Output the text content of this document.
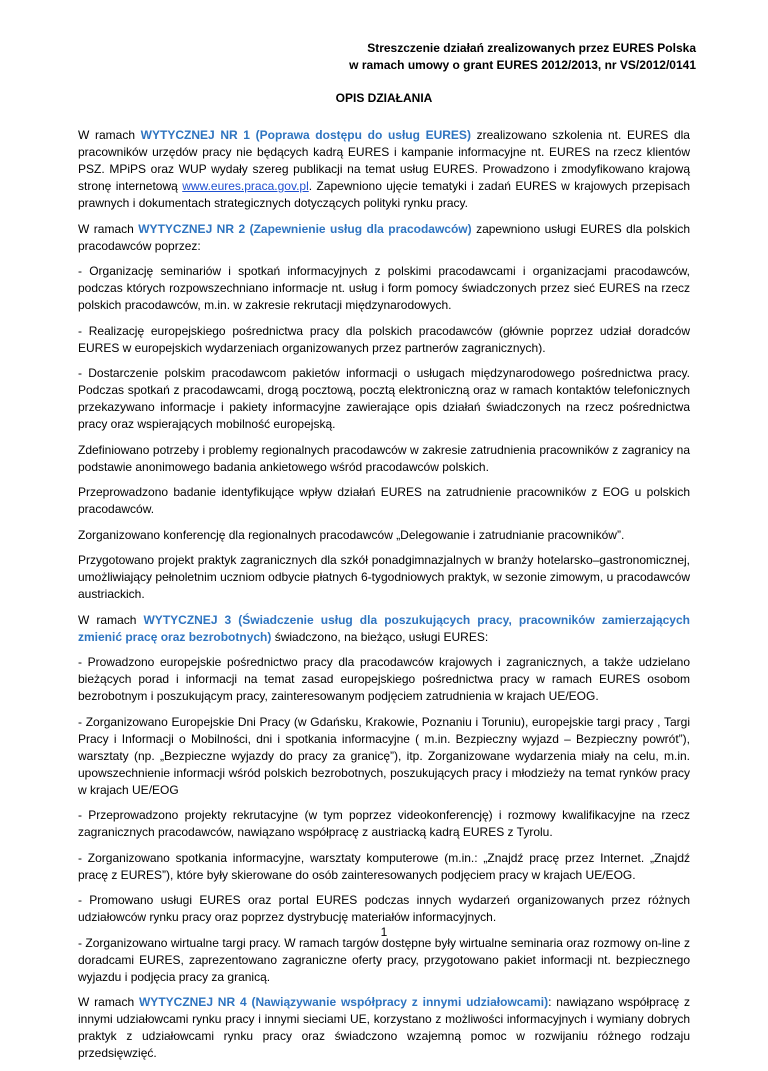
Streszczenie działań zrealizowanych przez EURES Polska
w ramach umowy o grant EURES 2012/2013, nr VS/2012/0141
OPIS DZIAŁANIA

W ramach WYTYCZNEJ NR 1 (Poprawa dostępu do usług EURES) zrealizowano szkolenia nt. EURES dla pracowników urzędów pracy nie będących kadrą EURES i kampanie informacyjne nt. EURES na rzecz klientów PSZ. MPiPS oraz WUP wydały szereg publikacji na temat usług EURES. Prowadzono i zmodyfikowano krajową stronę internetową www.eures.praca.gov.pl. Zapewniono ujęcie tematyki i zadań EURES w krajowych przepisach prawnych i dokumentach strategicznych dotyczących polityki rynku pracy.

W ramach WYTYCZNEJ NR 2 (Zapewnienie usług dla pracodawców) zapewniono usługi EURES dla polskich pracodawców poprzez:

- Organizację seminariów i spotkań informacyjnych z polskimi pracodawcami i organizacjami pracodawców, podczas których rozpowszechniano informacje nt. usług i form pomocy świadczonych przez sieć EURES na rzecz polskich pracodawców, m.in. w zakresie rekrutacji międzynarodowych.

- Realizację europejskiego pośrednictwa pracy dla polskich pracodawców (głównie poprzez udział doradców EURES w europejskich wydarzeniach organizowanych przez partnerów zagranicznych).

- Dostarczenie polskim pracodawcom pakietów informacji o usługach międzynarodowego pośrednictwa pracy. Podczas spotkań z pracodawcami, drogą pocztową, pocztą elektroniczną oraz w ramach kontaktów telefonicznych przekazywano informacje i pakiety informacyjne zawierające opis działań świadczonych na rzecz pośrednictwa pracy oraz wspierających mobilność europejską.

Zdefiniowano potrzeby i problemy regionalnych pracodawców w zakresie zatrudnienia pracowników z zagranicy na podstawie anonimowego badania ankietowego wśród pracodawców polskich.

Przeprowadzono badanie identyfikujące wpływ działań EURES na zatrudnienie pracowników z EOG u polskich pracodawców.

Zorganizowano konferencję dla regionalnych pracodawców „Delegowanie i zatrudnianie pracowników”.

Przygotowano projekt praktyk zagranicznych dla szkół ponadgimnazjalnych w branży hotelarsko–gastronomicznej, umożliwiający pełnoletnim uczniom odbycie płatnych 6-tygodniowych praktyk, w sezonie zimowym, u pracodawców austriackich.

W ramach WYTYCZNEJ 3 (Świadczenie usług dla poszukujących pracy, pracowników zamierzających zmienić pracę oraz bezrobotnych) świadczono, na bieżąco, usługi EURES:

- Prowadzono europejskie pośrednictwo pracy dla pracodawców krajowych i zagranicznych, a także udzielano bieżących porad i informacji na temat zasad europejskiego pośrednictwa pracy w ramach EURES osobom bezrobotnym i poszukującym pracy, zainteresowanym podjęciem zatrudnienia w krajach UE/EOG.

- Zorganizowano Europejskie Dni Pracy (w Gdańsku, Krakowie, Poznaniu i Toruniu), europejskie targi pracy , Targi Pracy i Informacji o Mobilności, dni i spotkania informacyjne ( m.in. Bezpieczny wyjazd – Bezpieczny powrót”), warsztaty (np. „Bezpieczne wyjazdy do pracy za granicę”), itp. Zorganizowane wydarzenia miały na celu, m.in. upowszechnienie informacji wśród polskich bezrobotnych, poszukujących pracy i młodzieży na temat rynków pracy w krajach UE/EOG

- Przeprowadzono projekty rekrutacyjne (w tym poprzez videokonferencję) i rozmowy kwalifikacyjne na rzecz zagranicznych pracodawców, nawiązano współpracę z austriacką kadrą EURES z Tyrolu.

- Zorganizowano spotkania informacyjne, warsztaty komputerowe (m.in.: „Znajdź pracę przez Internet. „Znajdź pracę z EURES”), które były skierowane do osób zainteresowanych podjęciem pracy w krajach UE/EOG.

- Promowano usługi EURES oraz portal EURES podczas innych wydarzeń organizowanych przez różnych udziałowców rynku pracy oraz poprzez dystrybucję materiałów informacyjnych.

- Zorganizowano wirtualne targi pracy. W ramach targów dostępne były wirtualne seminaria oraz rozmowy on-line z doradcami EURES, zaprezentowano zagraniczne oferty pracy, przygotowano pakiet informacji nt. bezpiecznego wyjazdu i podjęcia pracy za granicą.

W ramach WYTYCZNEJ NR 4 (Nawiązywanie współpracy z innymi udziałowcami): nawiązano współpracę z innymi udziałowcami rynku pracy i innymi sieciami UE, korzystano z możliwości informacyjnych i wymiany dobrych praktyk z udziałowcami rynku pracy oraz świadczono wzajemną pomoc w rozwijaniu różnego rodzaju przedsięwzięć.

1
